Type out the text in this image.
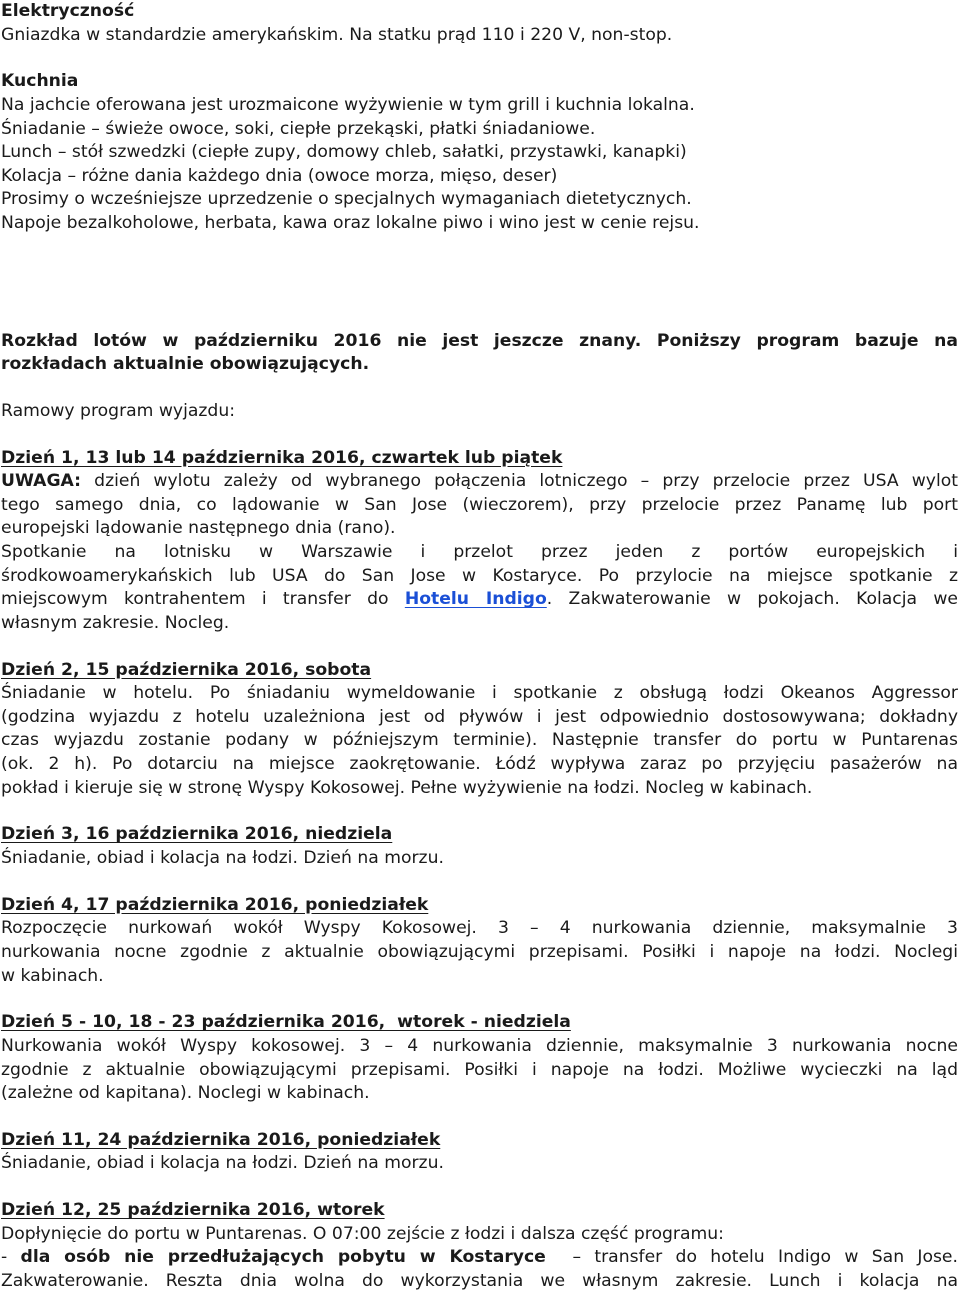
Elektryczność
Gniazdka w standardzie amerykańskim. Na statku prąd 110 i 220 V, non-stop.
Kuchnia
Na jachcie oferowana jest urozmaicone wyżywienie w tym grill i kuchnia lokalna.
Śniadanie – świeże owoce, soki, ciepłe przekąski, płatki śniadaniowe.
Lunch – stół szwedzki (ciepłe zupy, domowy chleb, sałatki, przystawki, kanapki)
Kolacja – różne dania każdego dnia (owoce morza, mięso, deser)
Prosimy o wcześniejsze uprzedzenie o specjalnych wymaganiach dietetycznych.
Napoje bezalkoholowe, herbata, kawa oraz lokalne piwo i wino jest w cenie rejsu.
Rozkład lotów w październiku 2016 nie jest jeszcze znany. Poniższy program bazuje na
rozkładach aktualnie obowiązujących.
Ramowy program wyjazdu:
Dzień 1, 13 lub 14 października 2016, czwartek lub piątek
UWAGA: dzień wylotu zależy od wybranego połączenia lotniczego – przy przelocie przez USA wylot
tego samego dnia, co lądowanie w San Jose (wieczorem), przy przelocie przez Panamę lub port
europejski lądowanie następnego dnia (rano).
Spotkanie na lotnisku w Warszawie i przelot przez jeden z portów europejskich i
środkowoamerykańskich lub USA do San Jose w Kostaryce. Po przylocie na miejsce spotkanie z
miejscowym kontrahentem i transfer do Hotelu Indigo. Zakwaterowanie w pokojach. Kolacja we
własnym zakresie. Nocleg.
Dzień 2, 15 października 2016, sobota
Śniadanie w hotelu. Po śniadaniu wymeldowanie i spotkanie z obsługą łodzi Okeanos Aggressor
(godzina wyjazdu z hotelu uzależniona jest od pływów i jest odpowiednio dostosowywana; dokładny
czas wyjazdu zostanie podany w późniejszym terminie). Następnie transfer do portu w Puntarenas
(ok. 2 h). Po dotarciu na miejsce zaokrętowanie. Łódź wypływa zaraz po przyjęciu pasażerów na
pokład i kieruje się w stronę Wyspy Kokosowej. Pełne wyżywienie na łodzi. Nocleg w kabinach.
Dzień 3, 16 października 2016, niedziela
Śniadanie, obiad i kolacja na łodzi. Dzień na morzu.
Dzień 4, 17 października 2016, poniedziałek
Rozpoczęcie nurkowań wokół Wyspy Kokosowej. 3 – 4 nurkowania dziennie, maksymalnie 3
nurkowania nocne zgodnie z aktualnie obowiązującymi przepisami. Posiłki i napoje na łodzi. Noclegi
w kabinach.
Dzień 5 - 10, 18 - 23 października 2016,  wtorek - niedziela
Nurkowania wokół Wyspy kokosowej. 3 – 4 nurkowania dziennie, maksymalnie 3 nurkowania nocne
zgodnie z aktualnie obowiązującymi przepisami. Posiłki i napoje na łodzi. Możliwe wycieczki na ląd
(zależne od kapitana). Noclegi w kabinach.
Dzień 11, 24 października 2016, poniedziałek
Śniadanie, obiad i kolacja na łodzi. Dzień na morzu.
Dzień 12, 25 października 2016, wtorek
Dopłynięcie do portu w Puntarenas. O 07:00 zejście z łodzi i dalsza część programu:
- dla osób nie przedłużających pobytu w Kostaryce  – transfer do hotelu Indigo w San Jose.
Zakwaterowanie. Reszta dnia wolna do wykorzystania we własnym zakresie. Lunch i kolacja na
